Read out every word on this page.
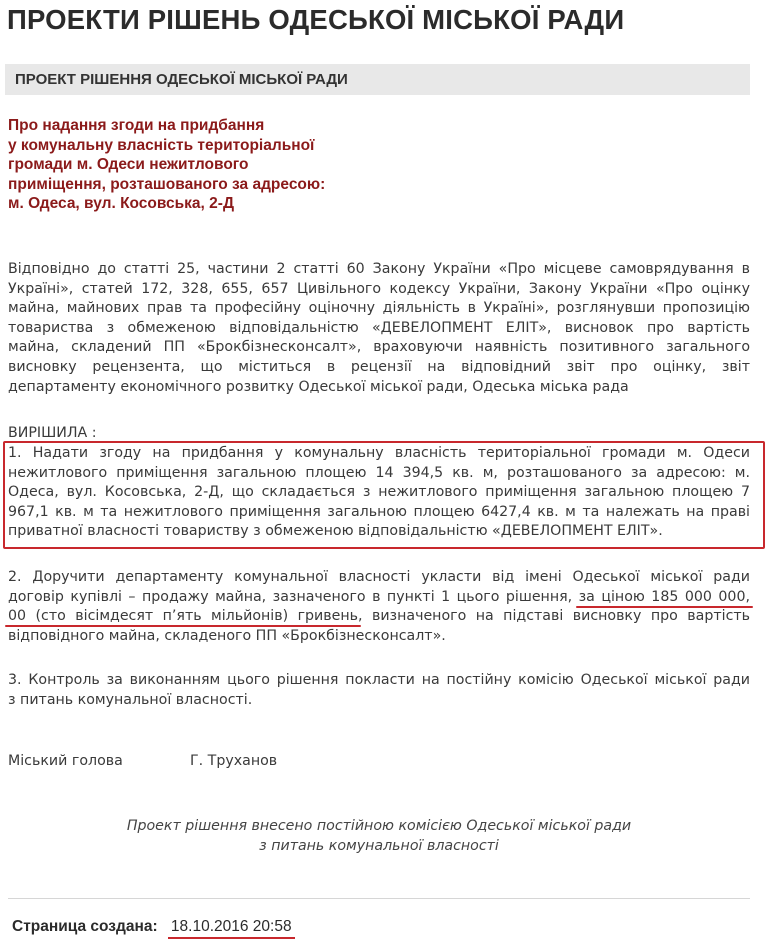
ПРОЕКТИ РІШЕНЬ ОДЕСЬКОЇ МІСЬКОЇ РАДИ
ПРОЕКТ РІШЕННЯ ОДЕСЬКОЇ МІСЬКОЇ РАДИ
Про надання згоди на придбання
у комунальну власність територіальної
громади м. Одеси нежитлового
приміщення, розташованого за адресою:
м. Одеса, вул. Косовська, 2-Д
Відповідно до статті 25, частини 2 статті 60 Закону України «Про місцеве самоврядування в
Україні», статей 172, 328, 655, 657 Цивільного кодексу України, Закону України «Про оцінку
майна, майнових прав та професійну оціночну діяльність в Україні», розглянувши пропозицію
товариства з обмеженою відповідальністю «ДЕВЕЛОПМЕНТ ЕЛІТ», висновок про вартість
майна, складений ПП «Брокбізнесконсалт», враховуючи наявність позитивного загального
висновку рецензента, що міститься в рецензії на відповідний звіт про оцінку, звіт
департаменту економічного розвитку Одеської міської ради, Одеська міська рада
ВИРІШИЛА :
1. Надати згоду на придбання у комунальну власність територіальної громади м. Одеси
нежитлового приміщення загальною площею 14 394,5 кв. м, розташованого за адресою: м.
Одеса, вул. Косовська, 2-Д, що складається з нежитлового приміщення загальною площею 7
967,1 кв. м та нежитлового приміщення загальною площею 6427,4 кв. м та належать на праві
приватної власності товариству з обмеженою відповідальністю «ДЕВЕЛОПМЕНТ ЕЛІТ».
2. Доручити департаменту комунальної власності укласти від імені Одеської міської ради
договір купівлі – продажу майна, зазначеного в пункті 1 цього рішення, за ціною 185 000 000,
00 (сто вісімдесят п’ять мільйонів) гривень, визначеного на підставі висновку про вартість
відповідного майна, складеного ПП «Брокбізнесконсалт».
3. Контроль за виконанням цього рішення покласти на постійну комісію Одеської міської ради
з питань комунальної власності.
Міський голова	Г. Труханов
Проект рішення внесено постійною комісією Одеської міської ради
з питань комунальної власності
Страница создана: 18.10.2016 20:58
